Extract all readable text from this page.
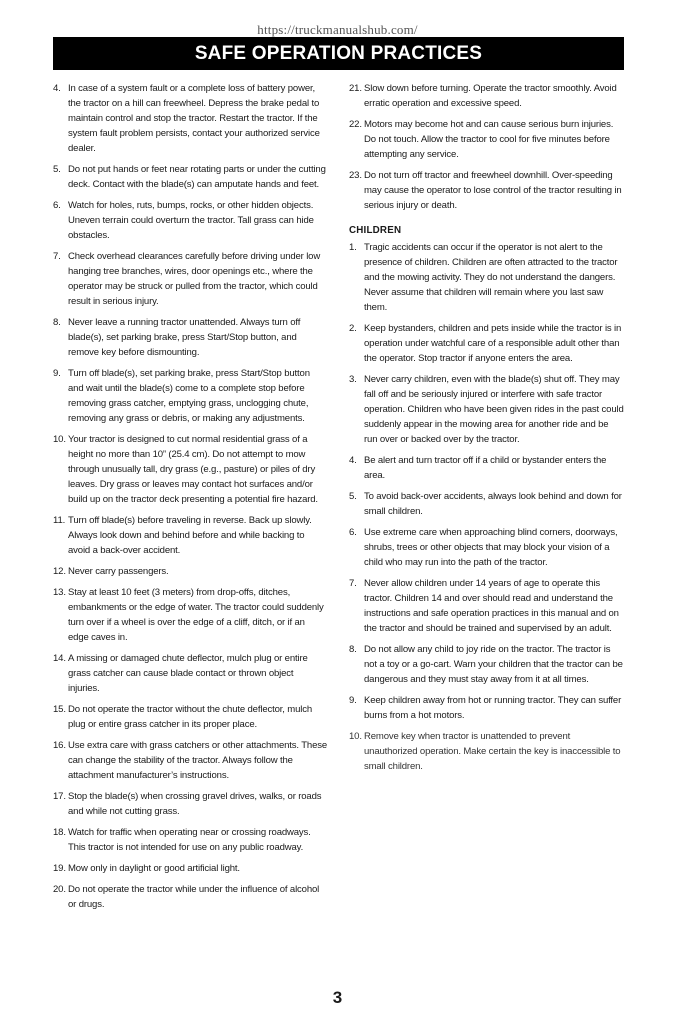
https://truckmanualshub.com/
SAFE OPERATION PRACTICES
4. In case of a system fault or a complete loss of battery power, the tractor on a hill can freewheel. Depress the brake pedal to maintain control and stop the tractor. Restart the tractor. If the system fault problem persists, contact your authorized service dealer.
5. Do not put hands or feet near rotating parts or under the cutting deck. Contact with the blade(s) can amputate hands and feet.
6. Watch for holes, ruts, bumps, rocks, or other hidden objects. Uneven terrain could overturn the tractor. Tall grass can hide obstacles.
7. Check overhead clearances carefully before driving under low hanging tree branches, wires, door openings etc., where the operator may be struck or pulled from the tractor, which could result in serious injury.
8. Never leave a running tractor unattended. Always turn off blade(s), set parking brake, press Start/Stop button, and remove key before dismounting.
9. Turn off blade(s), set parking brake, press Start/Stop button and wait until the blade(s) come to a complete stop before removing grass catcher, emptying grass, unclogging chute, removing any grass or debris, or making any adjustments.
10. Your tractor is designed to cut normal residential grass of a height no more than 10” (25.4 cm). Do not attempt to mow through unusually tall, dry grass (e.g., pasture) or piles of dry leaves. Dry grass or leaves may contact hot surfaces and/or build up on the tractor deck presenting a potential fire hazard.
11. Turn off blade(s) before traveling in reverse. Back up slowly. Always look down and behind before and while backing to avoid a back-over accident.
12. Never carry passengers.
13. Stay at least 10 feet (3 meters) from drop-offs, ditches, embankments or the edge of water. The tractor could suddenly turn over if a wheel is over the edge of a cliff, ditch, or if an edge caves in.
14. A missing or damaged chute deflector, mulch plug or entire grass catcher can cause blade contact or thrown object injuries.
15. Do not operate the tractor without the chute deflector, mulch plug or entire grass catcher in its proper place.
16. Use extra care with grass catchers or other attachments. These can change the stability of the tractor. Always follow the attachment manufacturer’s instructions.
17. Stop the blade(s) when crossing gravel drives, walks, or roads and while not cutting grass.
18. Watch for traffic when operating near or crossing roadways. This tractor is not intended for use on any public roadway.
19. Mow only in daylight or good artificial light.
20. Do not operate the tractor while under the influence of alcohol or drugs.
21. Slow down before turning. Operate the tractor smoothly. Avoid erratic operation and excessive speed.
22. Motors may become hot and can cause serious burn injuries. Do not touch. Allow the tractor to cool for five minutes before attempting any service.
23. Do not turn off tractor and freewheel downhill. Over-speeding may cause the operator to lose control of the tractor resulting in serious injury or death.
CHILDREN
1. Tragic accidents can occur if the operator is not alert to the presence of children. Children are often attracted to the tractor and the mowing activity. They do not understand the dangers. Never assume that children will remain where you last saw them.
2. Keep bystanders, children and pets inside while the tractor is in operation under watchful care of a responsible adult other than the operator. Stop tractor if anyone enters the area.
3. Never carry children, even with the blade(s) shut off. They may fall off and be seriously injured or interfere with safe tractor operation. Children who have been given rides in the past could suddenly appear in the mowing area for another ride and be run over or backed over by the tractor.
4. Be alert and turn tractor off if a child or bystander enters the area.
5. To avoid back-over accidents, always look behind and down for small children.
6. Use extreme care when approaching blind corners, doorways, shrubs, trees or other objects that may block your vision of a child who may run into the path of the tractor.
7. Never allow children under 14 years of age to operate this tractor. Children 14 and over should read and understand the instructions and safe operation practices in this manual and on the tractor and should be trained and supervised by an adult.
8. Do not allow any child to joy ride on the tractor. The tractor is not a toy or a go-cart. Warn your children that the tractor can be dangerous and they must stay away from it at all times.
9. Keep children away from hot or running tractor. They can suffer burns from a hot motors.
10. Remove key when tractor is unattended to prevent unauthorized operation. Make certain the key is inaccessible to small children.
3
